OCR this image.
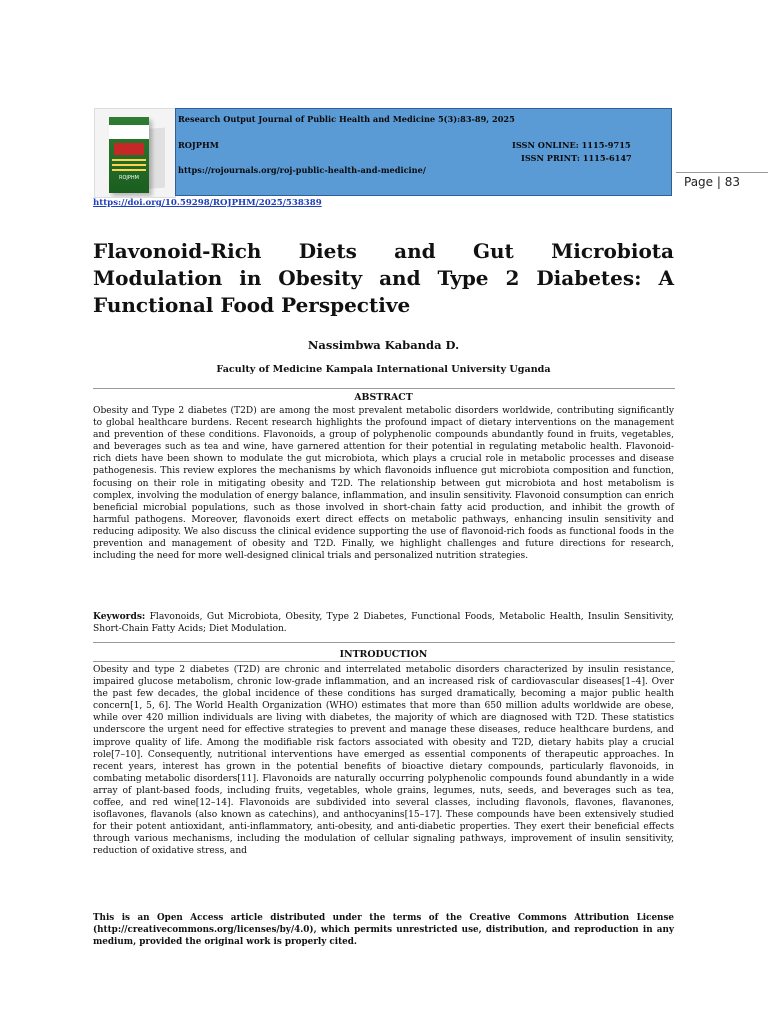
ROJPHM
Research Output Journal of Public Health and Medicine 5(3):83-89, 2025
ROJPHM	ISSN ONLINE: 1115-9715
ISSN PRINT: 1115-6147
https://rojournals.org/roj-public-health-and-medicine/
Page | 83
https://doi.org/10.59298/ROJPHM/2025/538389
Flavonoid-Rich Diets and Gut Microbiota Modulation in Obesity and Type 2 Diabetes: A Functional Food Perspective
Nassimbwa Kabanda D.
Faculty of Medicine Kampala International University Uganda
ABSTRACT

Obesity and Type 2 diabetes (T2D) are among the most prevalent metabolic disorders worldwide, contributing significantly to global healthcare burdens. Recent research highlights the profound impact of dietary interventions on the management and prevention of these conditions. Flavonoids, a group of polyphenolic compounds abundantly found in fruits, vegetables, and beverages such as tea and wine, have garnered attention for their potential in regulating metabolic health. Flavonoid-rich diets have been shown to modulate the gut microbiota, which plays a crucial role in metabolic processes and disease pathogenesis. This review explores the mechanisms by which flavonoids influence gut microbiota composition and function, focusing on their role in mitigating obesity and T2D. The relationship between gut microbiota and host metabolism is complex, involving the modulation of energy balance, inflammation, and insulin sensitivity. Flavonoid consumption can enrich beneficial microbial populations, such as those involved in short-chain fatty acid production, and inhibit the growth of harmful pathogens. Moreover, flavonoids exert direct effects on metabolic pathways, enhancing insulin sensitivity and reducing adiposity. We also discuss the clinical evidence supporting the use of flavonoid-rich foods as functional foods in the prevention and management of obesity and T2D. Finally, we highlight challenges and future directions for research, including the need for more well-designed clinical trials and personalized nutrition strategies.

Keywords: Flavonoids, Gut Microbiota, Obesity, Type 2 Diabetes, Functional Foods, Metabolic Health, Insulin Sensitivity, Short-Chain Fatty Acids; Diet Modulation.

INTRODUCTION

Obesity and type 2 diabetes (T2D) are chronic and interrelated metabolic disorders characterized by insulin resistance, impaired glucose metabolism, chronic low-grade inflammation, and an increased risk of cardiovascular diseases[1–4]. Over the past few decades, the global incidence of these conditions has surged dramatically, becoming a major public health concern[1, 5, 6]. The World Health Organization (WHO) estimates that more than 650 million adults worldwide are obese, while over 420 million individuals are living with diabetes, the majority of which are diagnosed with T2D. These statistics underscore the urgent need for effective strategies to prevent and manage these diseases, reduce healthcare burdens, and improve quality of life. Among the modifiable risk factors associated with obesity and T2D, dietary habits play a crucial role[7–10]. Consequently, nutritional interventions have emerged as essential components of therapeutic approaches. In recent years, interest has grown in the potential benefits of bioactive dietary compounds, particularly flavonoids, in combating metabolic disorders[11]. Flavonoids are naturally occurring polyphenolic compounds found abundantly in a wide array of plant-based foods, including fruits, vegetables, whole grains, legumes, nuts, seeds, and beverages such as tea, coffee, and red wine[12–14]. Flavonoids are subdivided into several classes, including flavonols, flavones, flavanones, isoflavones, flavanols (also known as catechins), and anthocyanins[15–17]. These compounds have been extensively studied for their potent antioxidant, anti-inflammatory, anti-obesity, and anti-diabetic properties. They exert their beneficial effects through various mechanisms, including the modulation of cellular signaling pathways, improvement of insulin sensitivity, reduction of oxidative stress, and

This is an Open Access article distributed under the terms of the Creative Commons Attribution License (http://creativecommons.org/licenses/by/4.0), which permits unrestricted use, distribution, and reproduction in any medium, provided the original work is properly cited.
